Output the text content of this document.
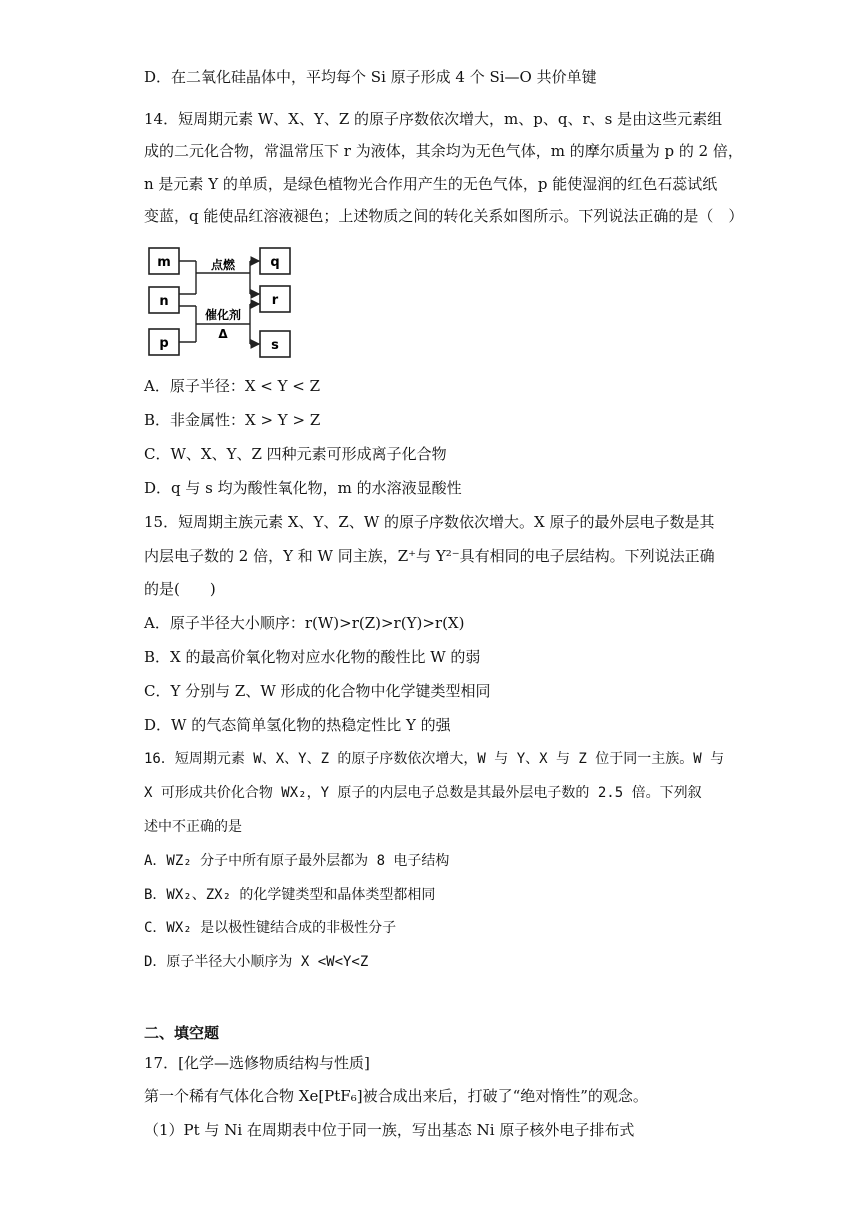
D．在二氧化硅晶体中，平均每个 Si 原子形成 4 个 Si—O 共价单键
14．短周期元素 W、X、Y、Z 的原子序数依次增大，m、p、q、r、s 是由这些元素组
成的二元化合物，常温常压下 r 为液体，其余均为无色气体，m 的摩尔质量为 p 的 2 倍，
n 是元素 Y 的单质，是绿色植物光合作用产生的无色气体，p 能使湿润的红色石蕊试纸
变蓝，q 能使品红溶液褪色；上述物质之间的转化关系如图所示。下列说法正确的是（　）
m
n
p
q
r
s
点燃
催化剂
Δ
A．原子半径：X < Y < Z
B．非金属性：X > Y > Z
C．W、X、Y、Z 四种元素可形成离子化合物
D．q 与 s 均为酸性氧化物，m 的水溶液显酸性
15．短周期主族元素 X、Y、Z、W 的原子序数依次增大。X 原子的最外层电子数是其
内层电子数的 2 倍，Y 和 W 同主族，Z⁺与 Y²⁻具有相同的电子层结构。下列说法正确
的是(　　)
A．原子半径大小顺序：r(W)>r(Z)>r(Y)>r(X)
B．X 的最高价氧化物对应水化物的酸性比 W 的弱
C．Y 分别与 Z、W 形成的化合物中化学键类型相同
D．W 的气态简单氢化物的热稳定性比 Y 的强
16．短周期元素 W、X、Y、Z 的原子序数依次增大，W 与 Y、X 与 Z 位于同一主族。W 与
X 可形成共价化合物 WX₂，Y 原子的内层电子总数是其最外层电子数的 2.5 倍。下列叙
述中不正确的是
A．WZ₂ 分子中所有原子最外层都为 8 电子结构
B．WX₂、ZX₂ 的化学键类型和晶体类型都相同
C．WX₂ 是以极性键结合成的非极性分子
D．原子半径大小顺序为 X <W<Y<Z
二、填空题
17．[化学—选修物质结构与性质]
第一个稀有气体化合物 Xe[PtF₆]被合成出来后，打破了“绝对惰性”的观念。
（1）Pt 与 Ni 在周期表中位于同一族，写出基态 Ni 原子核外电子排布式
